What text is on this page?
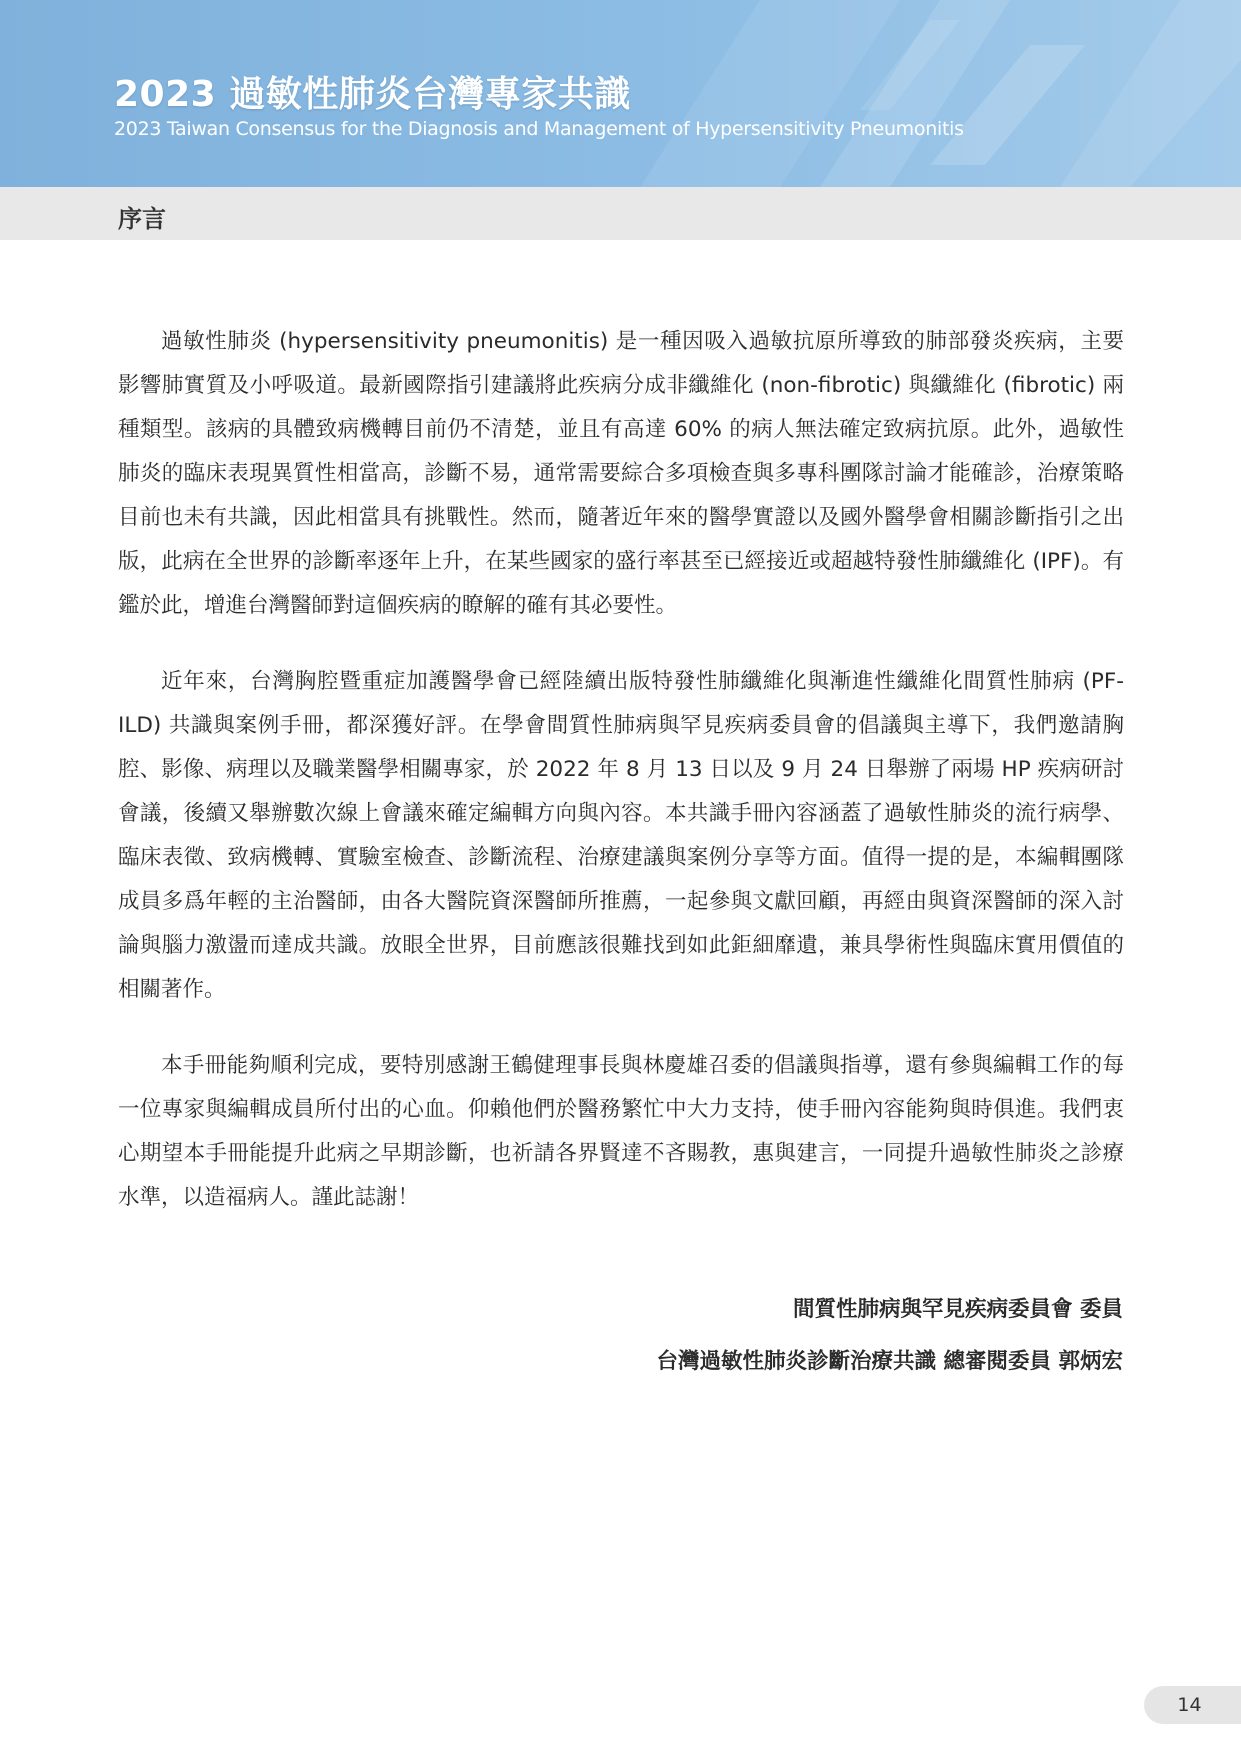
2023 過敏性肺炎台灣專家共識
2023 Taiwan Consensus for the Diagnosis and Management of Hypersensitivity Pneumonitis
序言

過敏性肺炎 (hypersensitivity pneumonitis) 是一種因吸入過敏抗原所導致的肺部發炎疾病，主要影響肺實質及小呼吸道。最新國際指引建議將此疾病分成非纖維化 (non-fibrotic) 與纖維化 (fibrotic) 兩種類型。該病的具體致病機轉目前仍不清楚，並且有高達 60% 的病人無法確定致病抗原。此外，過敏性肺炎的臨床表現異質性相當高，診斷不易，通常需要綜合多項檢查與多專科團隊討論才能確診，治療策略目前也未有共識，因此相當具有挑戰性。然而，隨著近年來的醫學實證以及國外醫學會相關診斷指引之出版，此病在全世界的診斷率逐年上升，在某些國家的盛行率甚至已經接近或超越特發性肺纖維化 (IPF)。有鑑於此，增進台灣醫師對這個疾病的瞭解的確有其必要性。

近年來，台灣胸腔暨重症加護醫學會已經陸續出版特發性肺纖維化與漸進性纖維化間質性肺病 (PF-ILD) 共識與案例手冊，都深獲好評。在學會間質性肺病與罕見疾病委員會的倡議與主導下，我們邀請胸腔、影像、病理以及職業醫學相關專家，於 2022 年 8 月 13 日以及 9 月 24 日舉辦了兩場 HP 疾病研討會議，後續又舉辦數次線上會議來確定編輯方向與內容。本共識手冊內容涵蓋了過敏性肺炎的流行病學、臨床表徵、致病機轉、實驗室檢查、診斷流程、治療建議與案例分享等方面。值得一提的是，本編輯團隊成員多爲年輕的主治醫師，由各大醫院資深醫師所推薦，一起參與文獻回顧，再經由與資深醫師的深入討論與腦力激盪而達成共識。放眼全世界，目前應該很難找到如此鉅細靡遺，兼具學術性與臨床實用價值的相關著作。

本手冊能夠順利完成，要特別感謝王鶴健理事長與林慶雄召委的倡議與指導，還有參與編輯工作的每一位專家與編輯成員所付出的心血。仰賴他們於醫務繁忙中大力支持，使手冊內容能夠與時俱進。我們衷心期望本手冊能提升此病之早期診斷，也祈請各界賢達不吝賜教，惠與建言，一同提升過敏性肺炎之診療水準，以造福病人。謹此誌謝！

間質性肺病與罕見疾病委員會 委員
台灣過敏性肺炎診斷治療共識 總審閱委員 郭炳宏
14
